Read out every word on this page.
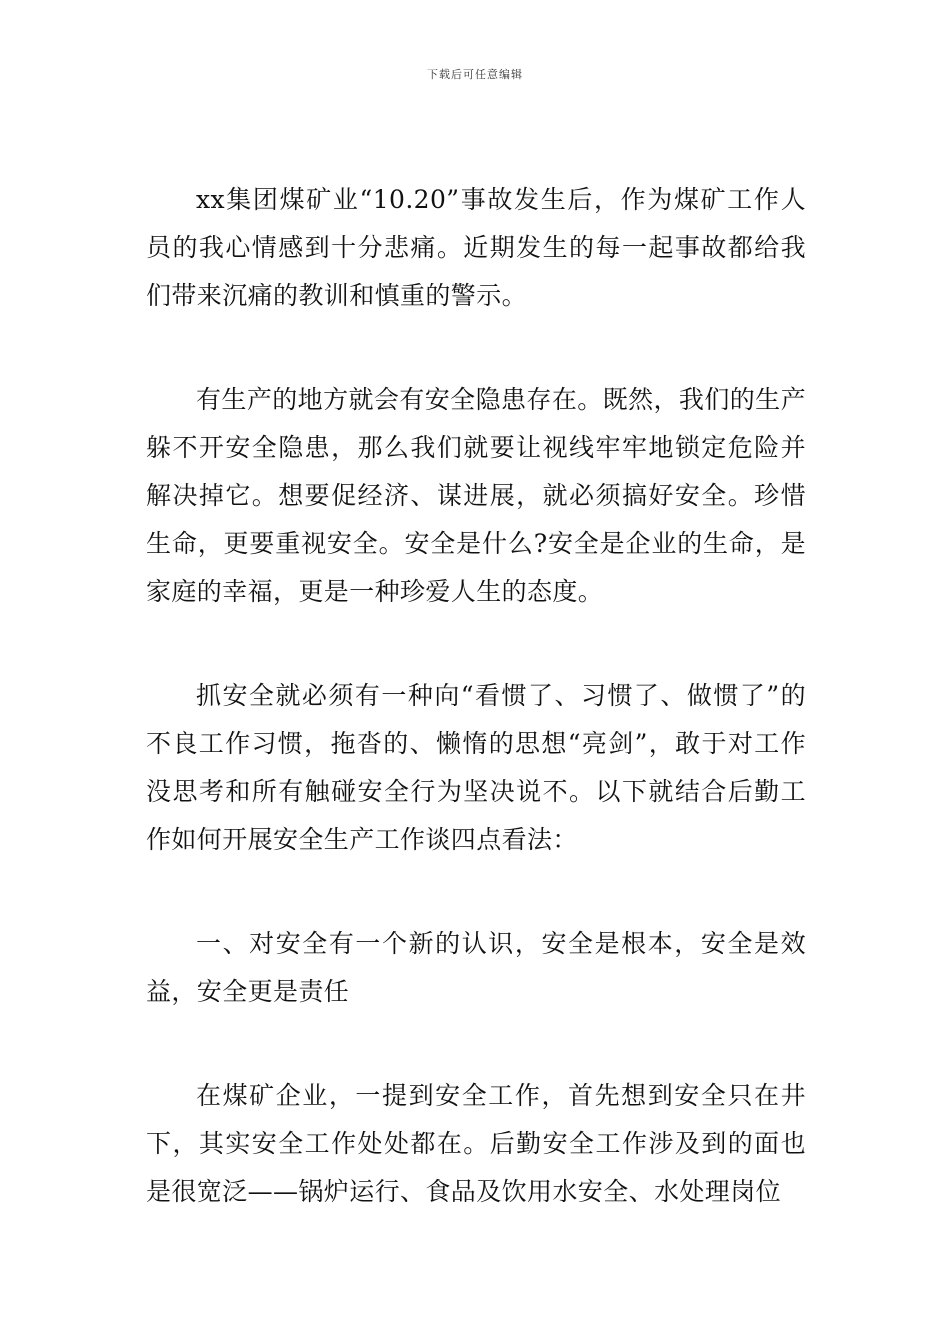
下载后可任意编辑

xx集团煤矿业“10.20”事故发生后，作为煤矿工作人员的我心情感到十分悲痛。近期发生的每一起事故都给我们带来沉痛的教训和慎重的警示。

有生产的地方就会有安全隐患存在。既然，我们的生产躲不开安全隐患，那么我们就要让视线牢牢地锁定危险并解决掉它。想要促经济、谋进展，就必须搞好安全。珍惜生命，更要重视安全。安全是什么?安全是企业的生命，是家庭的幸福，更是一种珍爱人生的态度。

抓安全就必须有一种向“看惯了、习惯了、做惯了”的不良工作习惯，拖沓的、懒惰的思想“亮剑”，敢于对工作没思考和所有触碰安全行为坚决说不。以下就结合后勤工作如何开展安全生产工作谈四点看法：

一、对安全有一个新的认识，安全是根本，安全是效益，安全更是责任

在煤矿企业，一提到安全工作，首先想到安全只在井下，其实安全工作处处都在。后勤安全工作涉及到的面也是很宽泛——锅炉运行、食品及饮用水安全、水处理岗位
